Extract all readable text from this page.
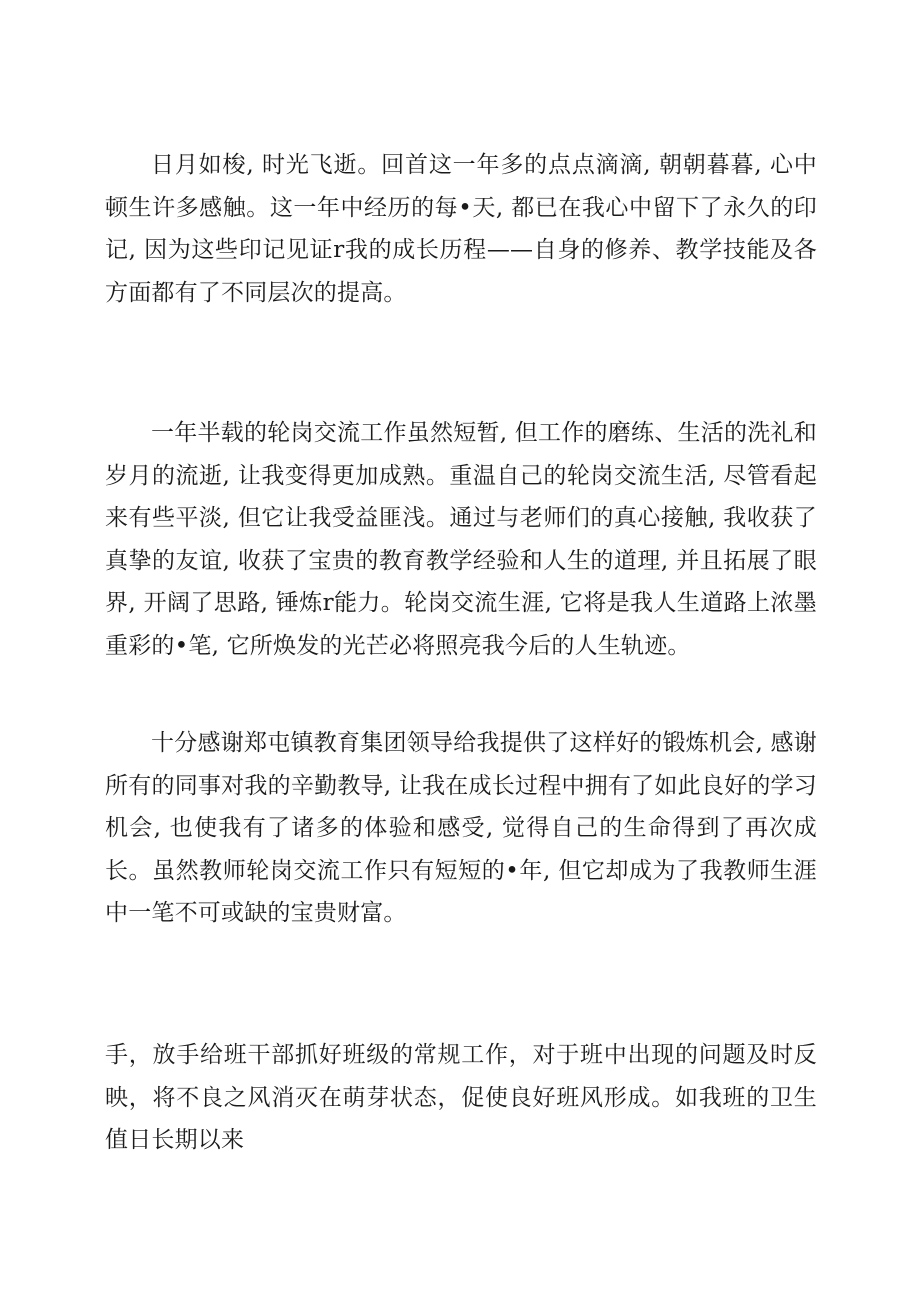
日月如梭, 时光飞逝。回首这一年多的点点滴滴, 朝朝暮暮, 心中顿生许多感触。这一年中经历的每•天, 都已在我心中留下了永久的印记, 因为这些印记见证r我的成长历程——自身的修养、教学技能及各方面都有了不同层次的提高。

一年半载的轮岗交流工作虽然短暂, 但工作的磨练、生活的洗礼和岁月的流逝, 让我变得更加成熟。重温自己的轮岗交流生活, 尽管看起来有些平淡, 但它让我受益匪浅。通过与老师们的真心接触, 我收获了真挚的友谊, 收获了宝贵的教育教学经验和人生的道理, 并且拓展了眼界, 开阔了思路, 锤炼r能力。轮岗交流生涯, 它将是我人生道路上浓墨重彩的•笔, 它所焕发的光芒必将照亮我今后的人生轨迹。

十分感谢郑屯镇教育集团领导给我提供了这样好的锻炼机会, 感谢所有的同事对我的辛勤教导, 让我在成长过程中拥有了如此良好的学习机会, 也使我有了诸多的体验和感受, 觉得自己的生命得到了再次成长。虽然教师轮岗交流工作只有短短的•年, 但它却成为了我教师生涯中一笔不可或缺的宝贵财富。

手，放手给班干部抓好班级的常规工作，对于班中出现的问题及时反映，将不良之风消灭在萌芽状态，促使良好班风形成。如我班的卫生值日长期以来
